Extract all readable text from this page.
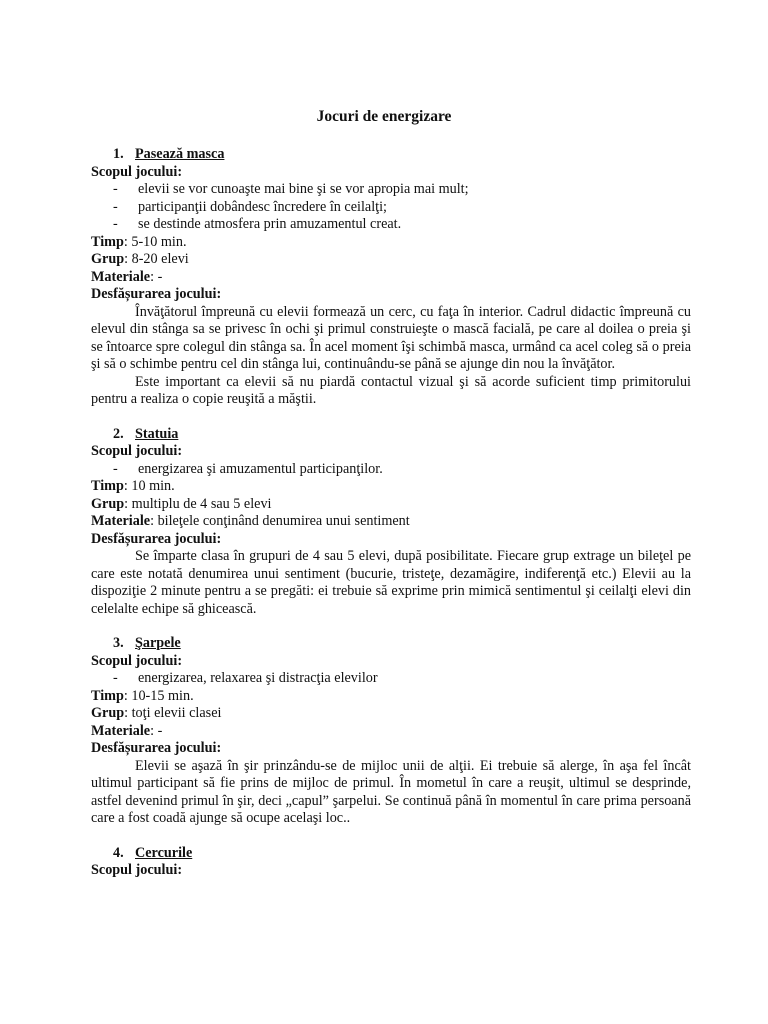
Jocuri de energizare
1. Pasează masca
Scopul jocului:
- elevii se vor cunoaşte mai bine şi se vor apropia mai mult;
- participanţii dobândesc încredere în ceilalţi;
- se destinde atmosfera prin amuzamentul creat.
Timp: 5-10 min.
Grup: 8-20 elevi
Materiale: -
Desfășurarea jocului:
Învăţătorul împreună cu elevii formează un cerc, cu faţa în interior. Cadrul didactic împreună cu elevul din stânga sa se privesc în ochi şi primul construieşte o mască facială, pe care al doilea o preia şi se întoarce spre colegul din stânga sa. În acel moment îşi schimbă masca, urmând ca acel coleg să o preia şi să o schimbe pentru cel din stânga lui, continuându-se până se ajunge din nou la învăţător.
Este important ca elevii să nu piardă contactul vizual şi să acorde suficient timp primitorului pentru a realiza o copie reuşită a măştii.
2. Statuia
Scopul jocului:
- energizarea şi amuzamentul participanţilor.
Timp: 10 min.
Grup: multiplu de 4 sau 5 elevi
Materiale: bileţele conţinând denumirea unui sentiment
Desfășurarea jocului:
Se împarte clasa în grupuri de 4 sau 5 elevi, după posibilitate. Fiecare grup extrage un bileţel pe care este notată denumirea unui sentiment (bucurie, tristeţe, dezamăgire, indiferenţă etc.) Elevii au la dispoziţie 2 minute pentru a se pregăti: ei trebuie să exprime prin mimică sentimentul şi ceilalţi elevi din celelalte echipe să ghicească.
3. Şarpele
Scopul jocului:
- energizarea, relaxarea şi distracţia elevilor
Timp: 10-15 min.
Grup: toţi elevii clasei
Materiale: -
Desfășurarea jocului:
Elevii se aşază în şir prinzându-se de mijloc unii de alţii. Ei trebuie să alerge, în aşa fel încât ultimul participant să fie prins de mijloc de primul. În mometul în care a reuşit, ultimul se desprinde, astfel devenind primul în şir, deci „capul” şarpelui. Se continuă până în momentul în care prima persoană care a fost coadă ajunge să ocupe acelaşi loc..
4. Cercurile
Scopul jocului:
